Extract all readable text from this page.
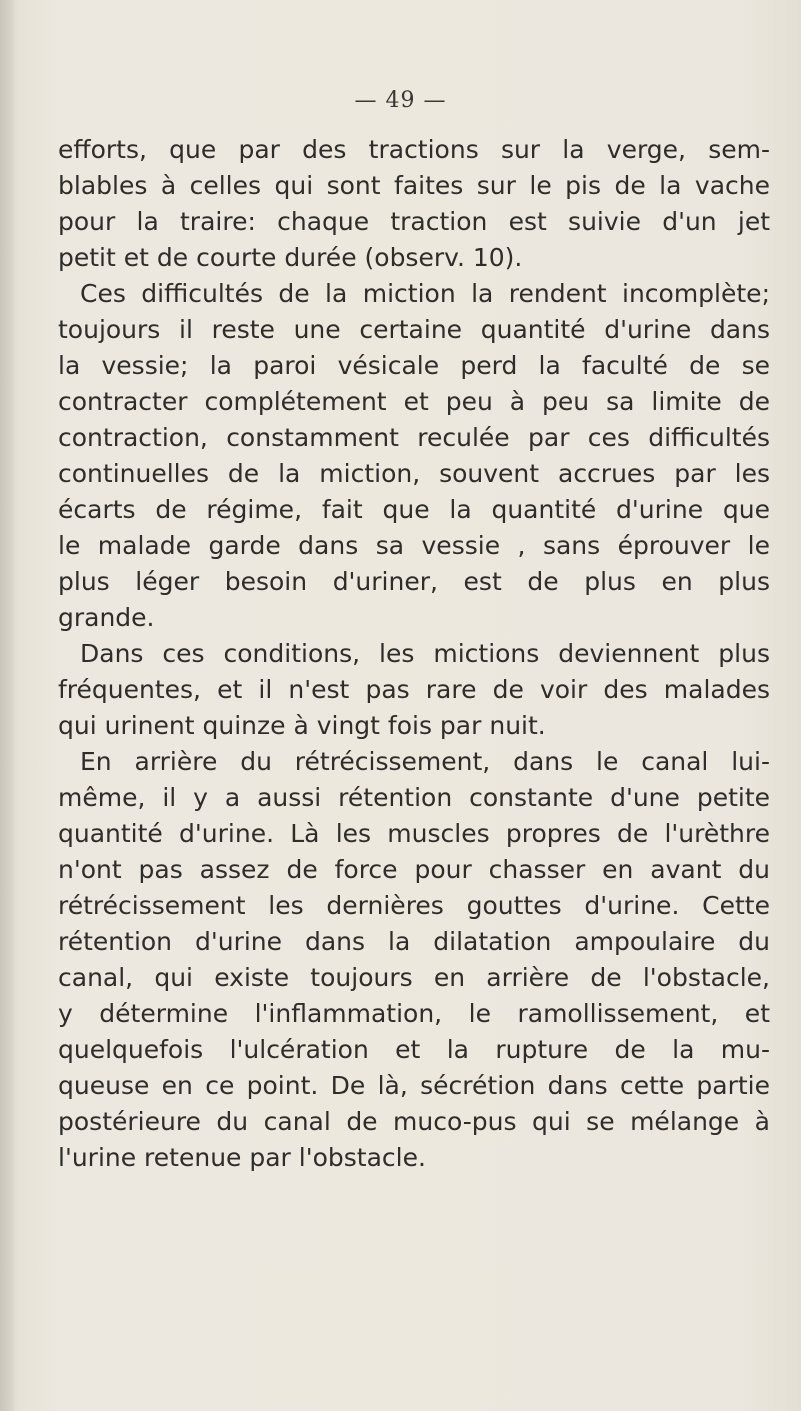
— 49 —
efforts, que par des tractions sur la verge, sem-
blables à celles qui sont faites sur le pis de la vache
pour la traire: chaque traction est suivie d'un jet
petit et de courte durée (observ. 10).
Ces difficultés de la miction la rendent incomplète;
toujours il reste une certaine quantité d'urine dans
la vessie; la paroi vésicale perd la faculté de se
contracter complétement et peu à peu sa limite de
contraction, constamment reculée par ces difficultés
continuelles de la miction, souvent accrues par les
écarts de régime, fait que la quantité d'urine que
le malade garde dans sa vessie , sans éprouver le
plus léger besoin d'uriner, est de plus en plus
grande.
Dans ces conditions, les mictions deviennent plus
fréquentes, et il n'est pas rare de voir des malades
qui urinent quinze à vingt fois par nuit.
En arrière du rétrécissement, dans le canal lui-
même, il y a aussi rétention constante d'une petite
quantité d'urine. Là les muscles propres de l'urèthre
n'ont pas assez de force pour chasser en avant du
rétrécissement les dernières gouttes d'urine. Cette
rétention d'urine dans la dilatation ampoulaire du
canal, qui existe toujours en arrière de l'obstacle,
y détermine l'inflammation, le ramollissement, et
quelquefois l'ulcération et la rupture de la mu-
queuse en ce point. De là, sécrétion dans cette partie
postérieure du canal de muco-pus qui se mélange à
l'urine retenue par l'obstacle.
